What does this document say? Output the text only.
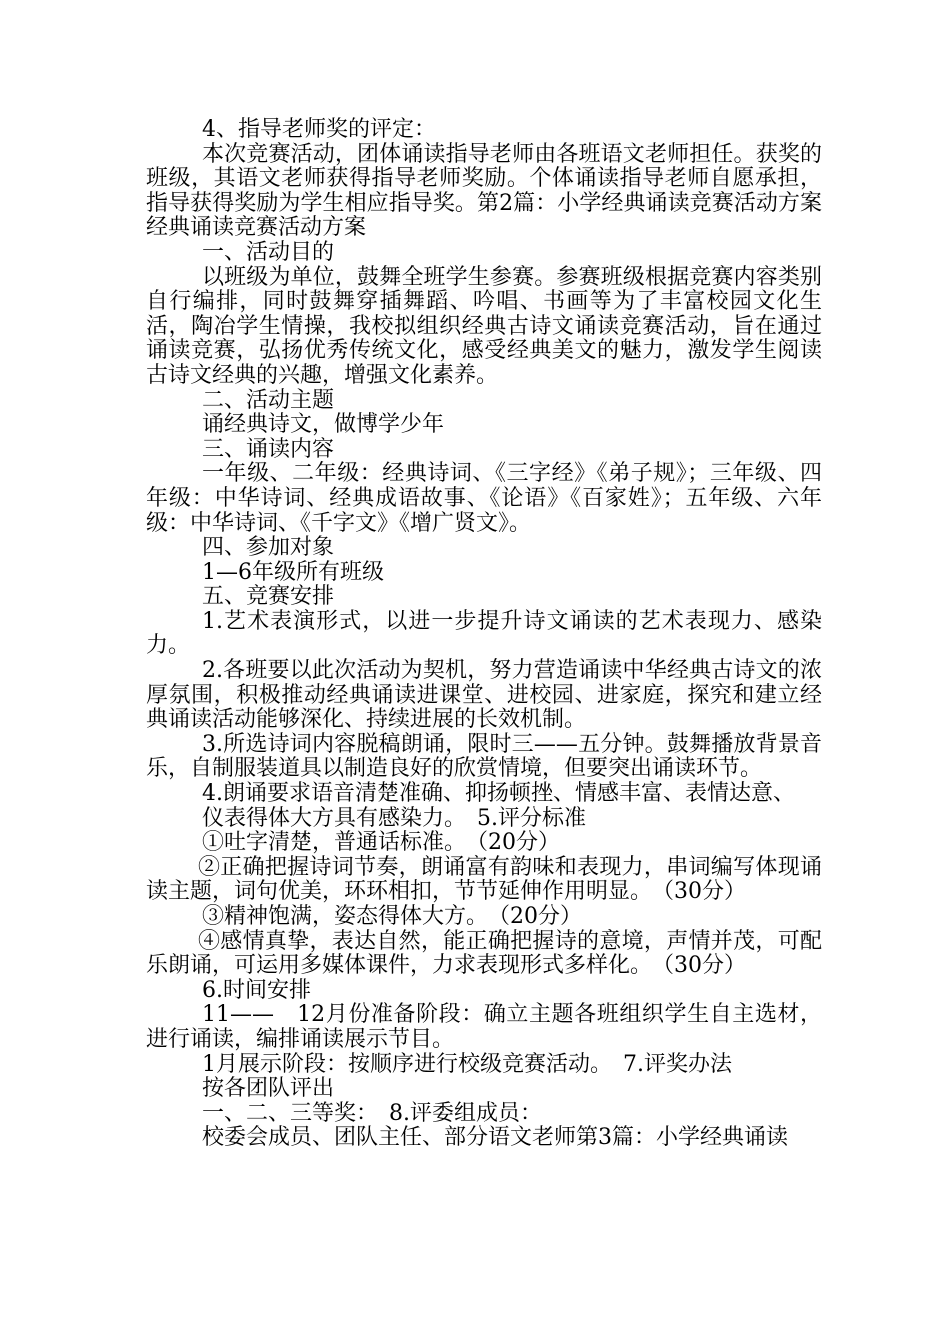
4、指导老师奖的评定：

本次竞赛活动，团体诵读指导老师由各班语文老师担任。获奖的班级，其语文老师获得指导老师奖励。个体诵读指导老师自愿承担，指导获得奖励为学生相应指导奖。第2篇：小学经典诵读竞赛活动方案经典诵读竞赛活动方案

一、活动目的

以班级为单位，鼓舞全班学生参赛。参赛班级根据竞赛内容类别自行编排，同时鼓舞穿插舞蹈、吟唱、书画等为了丰富校园文化生活，陶冶学生情操，我校拟组织经典古诗文诵读竞赛活动，旨在通过诵读竞赛，弘扬优秀传统文化，感受经典美文的魅力，激发学生阅读古诗文经典的兴趣，增强文化素养。

二、活动主题

诵经典诗文，做博学少年

三、诵读内容

一年级、二年级：经典诗词、《三字经》《弟子规》；三年级、四年级：中华诗词、经典成语故事、《论语》《百家姓》；五年级、六年级：中华诗词、《千字文》《增广贤文》。

四、参加对象

1—6年级所有班级

五、竞赛安排

1.艺术表演形式，以进一步提升诗文诵读的艺术表现力、感染力。

2.各班要以此次活动为契机，努力营造诵读中华经典古诗文的浓厚氛围，积极推动经典诵读进课堂、进校园、进家庭，探究和建立经典诵读活动能够深化、持续进展的长效机制。

3.所选诗词内容脱稿朗诵，限时三——五分钟。鼓舞播放背景音乐，自制服装道具以制造良好的欣赏情境，但要突出诵读环节。

4.朗诵要求语音清楚准确、抑扬顿挫、情感丰富、表情达意、

仪表得体大方具有感染力。　5.评分标准

①吐字清楚，普通话标准。　（20分）

②正确把握诗词节奏，朗诵富有韵味和表现力，串词编写体现诵读主题，词句优美，环环相扣，节节延伸作用明显。　（30分）

③精神饱满，姿态得体大方。　（20分）

④感情真挚，表达自然，能正确把握诗的意境，声情并茂，可配乐朗诵，可运用多媒体课件，力求表现形式多样化。　（30分）

6.时间安排

11——　12月份准备阶段：确立主题各班组织学生自主选材，进行诵读，编排诵读展示节目。

1月展示阶段：按顺序进行校级竞赛活动。　7.评奖办法

按各团队评出

一、二、三等奖：　8.评委组成员：

校委会成员、团队主任、部分语文老师第3篇：小学经典诵读
